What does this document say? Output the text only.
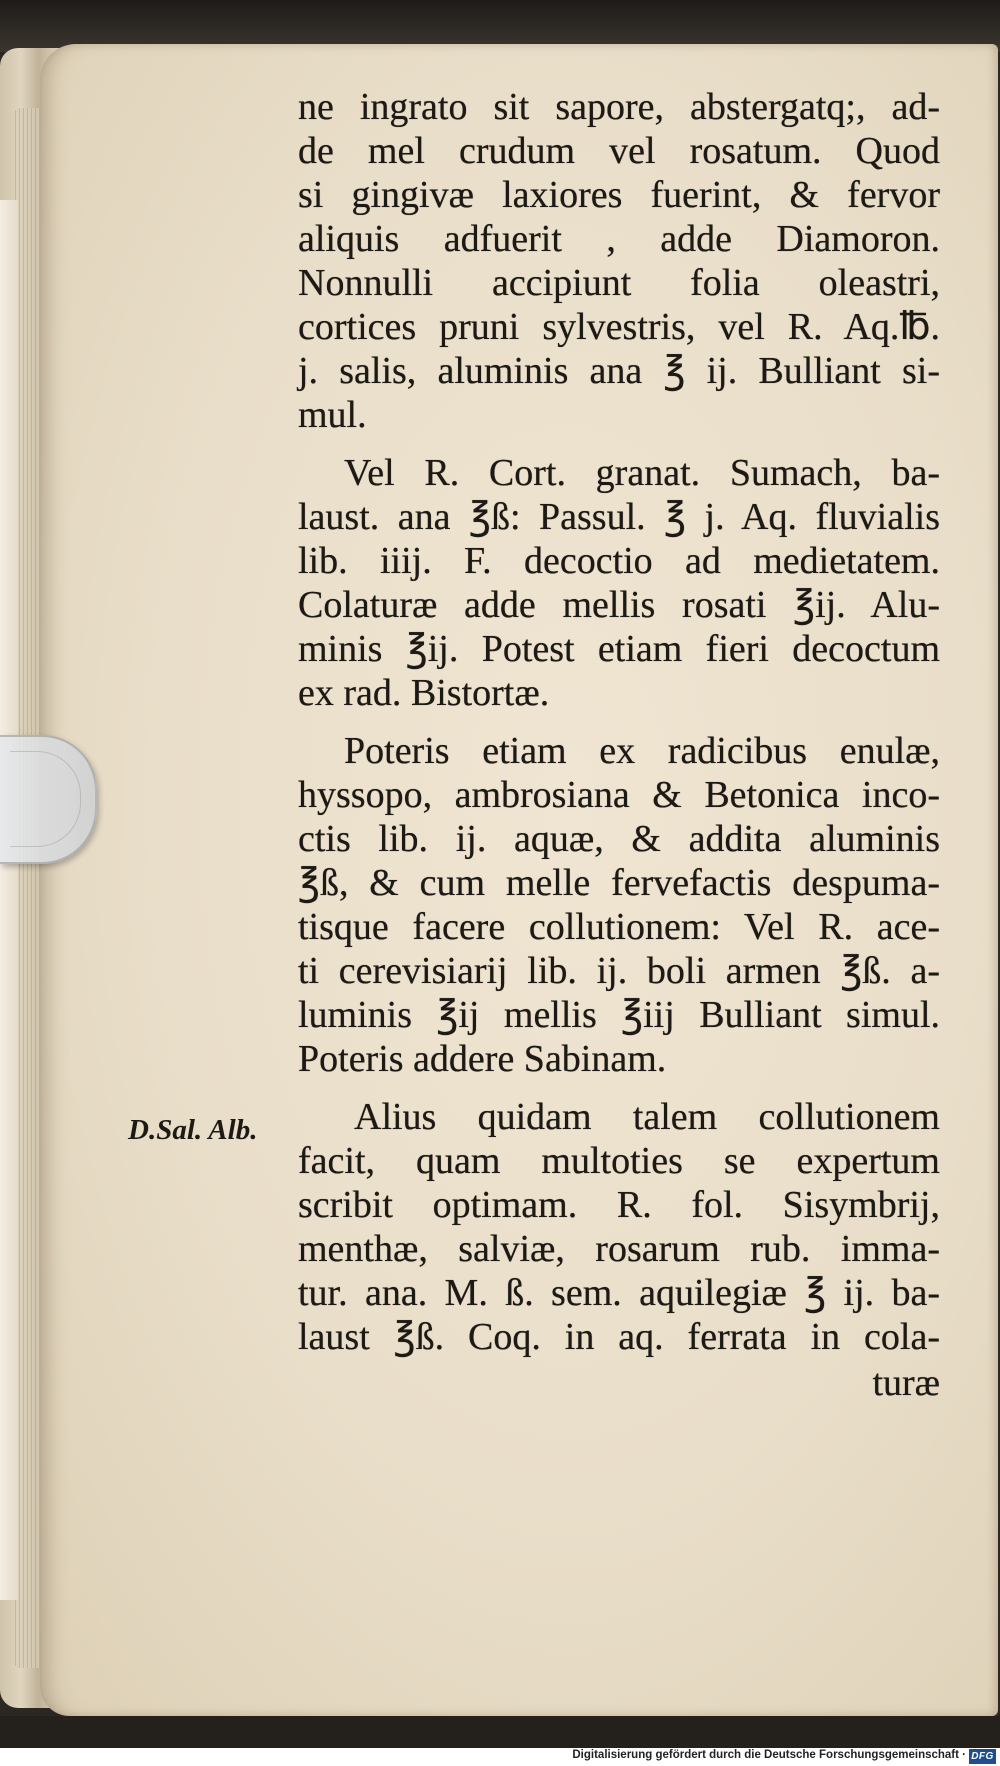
D.Sal. Alb.
ne ingrato sit sapore, abstergatq;, ad-
de mel crudum vel rosatum. Quod
si gingivæ laxiores fuerint, & fervor
aliquis adfuerit , adde Diamoron.
Nonnulli accipiunt folia oleastri,
cortices pruni sylvestris, vel R. Aq.℔.
j. salis, aluminis ana ℥ ij. Bulliant si-
mul.
Vel R. Cort. granat. Sumach, ba-
laust. ana ℥ß: Passul. ℥ j. Aq. fluvialis
lib. iiij. F. decoctio ad medietatem.
Colaturæ adde mellis rosati ℥ij. Alu-
minis ℥ij. Potest etiam fieri decoctum
ex rad. Bistortæ.
Poteris etiam ex radicibus enulæ,
hyssopo, ambrosiana & Betonica inco-
ctis lib. ij. aquæ, & addita aluminis
℥ß, & cum melle fervefactis despuma-
tisque facere collutionem: Vel R. ace-
ti cerevisiarij lib. ij. boli armen ℥ß. a-
luminis ℥ij mellis ℥iij Bulliant simul.
Poteris addere Sabinam.
Alius quidam talem collutionem
facit, quam multoties se expertum
scribit optimam. R. fol. Sisymbrij,
menthæ, salviæ, rosarum rub. imma-
tur. ana. M. ß. sem. aquilegiæ ℥ ij. ba-
laust ℥ß. Coq. in aq. ferrata in cola-
turæ
Digitalisierung gefördert durch die Deutsche Forschungsgemeinschaft · DFG
